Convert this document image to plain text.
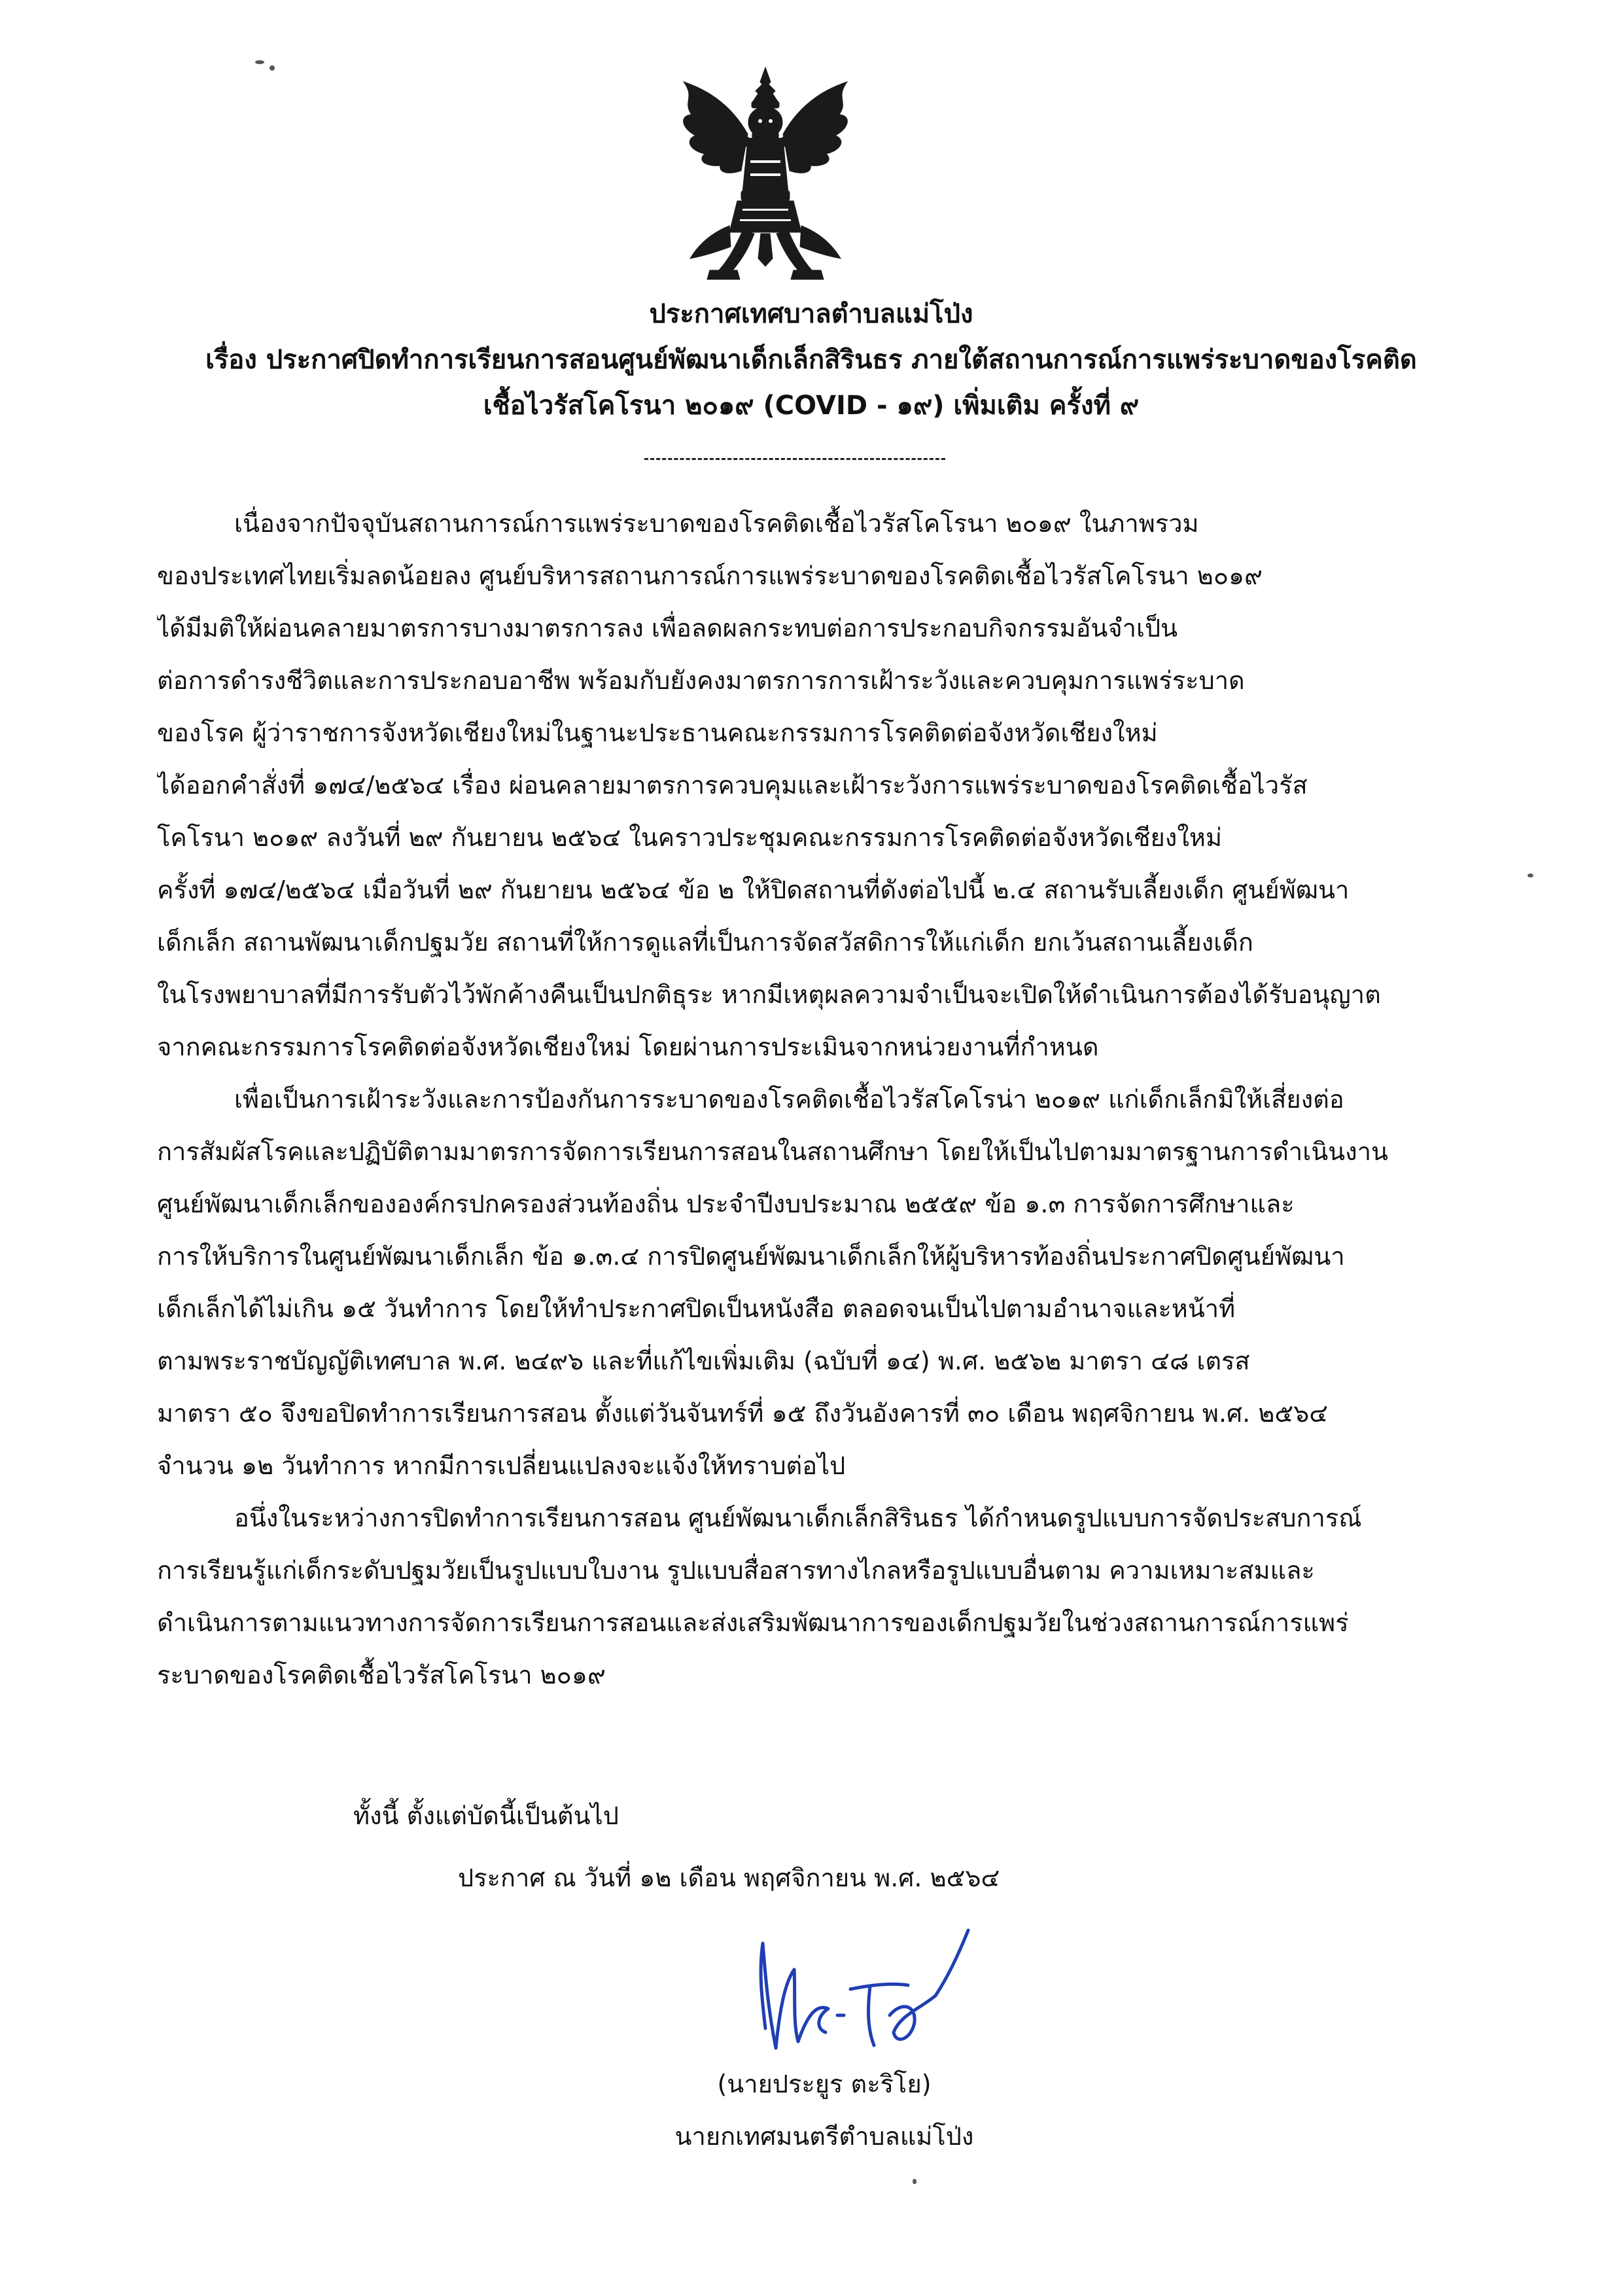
ประกาศเทศบาลตำบลแม่โป่ง
เรื่อง ประกาศปิดทำการเรียนการสอนศูนย์พัฒนาเด็กเล็กสิรินธร ภายใต้สถานการณ์การแพร่ระบาดของโรคติด
เชื้อไวรัสโคโรนา ๒๐๑๙ (COVID - ๑๙) เพิ่มเติม ครั้งที่ ๙
เนื่องจากปัจจุบันสถานการณ์การแพร่ระบาดของโรคติดเชื้อไวรัสโคโรนา ๒๐๑๙ ในภาพรวม
ของประเทศไทยเริ่มลดน้อยลง ศูนย์บริหารสถานการณ์การแพร่ระบาดของโรคติดเชื้อไวรัสโคโรนา ๒๐๑๙
ได้มีมติให้ผ่อนคลายมาตรการบางมาตรการลง เพื่อลดผลกระทบต่อการประกอบกิจกรรมอันจำเป็น
ต่อการดำรงชีวิตและการประกอบอาชีพ พร้อมกับยังคงมาตรการการเฝ้าระวังและควบคุมการแพร่ระบาด
ของโรค ผู้ว่าราชการจังหวัดเชียงใหม่ในฐานะประธานคณะกรรมการโรคติดต่อจังหวัดเชียงใหม่
ได้ออกคำสั่งที่ ๑๗๔/๒๕๖๔ เรื่อง ผ่อนคลายมาตรการควบคุมและเฝ้าระวังการแพร่ระบาดของโรคติดเชื้อไวรัส
โคโรนา ๒๐๑๙ ลงวันที่ ๒๙ กันยายน ๒๕๖๔ ในคราวประชุมคณะกรรมการโรคติดต่อจังหวัดเชียงใหม่
ครั้งที่ ๑๗๔/๒๕๖๔ เมื่อวันที่ ๒๙ กันยายน ๒๕๖๔ ข้อ ๒ ให้ปิดสถานที่ดังต่อไปนี้ ๒.๔ สถานรับเลี้ยงเด็ก ศูนย์พัฒนา
เด็กเล็ก สถานพัฒนาเด็กปฐมวัย สถานที่ให้การดูแลที่เป็นการจัดสวัสดิการให้แก่เด็ก ยกเว้นสถานเลี้ยงเด็ก
ในโรงพยาบาลที่มีการรับตัวไว้พักค้างคืนเป็นปกติธุระ หากมีเหตุผลความจำเป็นจะเปิดให้ดำเนินการต้องได้รับอนุญาต
จากคณะกรรมการโรคติดต่อจังหวัดเชียงใหม่ โดยผ่านการประเมินจากหน่วยงานที่กำหนด
เพื่อเป็นการเฝ้าระวังและการป้องกันการระบาดของโรคติดเชื้อไวรัสโคโรน่า ๒๐๑๙ แก่เด็กเล็กมิให้เสี่ยงต่อ
การสัมผัสโรคและปฏิบัติตามมาตรการจัดการเรียนการสอนในสถานศึกษา โดยให้เป็นไปตามมาตรฐานการดำเนินงาน
ศูนย์พัฒนาเด็กเล็กขององค์กรปกครองส่วนท้องถิ่น ประจำปีงบประมาณ ๒๕๕๙ ข้อ ๑.๓ การจัดการศึกษาและ
การให้บริการในศูนย์พัฒนาเด็กเล็ก ข้อ ๑.๓.๔ การปิดศูนย์พัฒนาเด็กเล็กให้ผู้บริหารท้องถิ่นประกาศปิดศูนย์พัฒนา
เด็กเล็กได้ไม่เกิน ๑๕ วันทำการ โดยให้ทำประกาศปิดเป็นหนังสือ ตลอดจนเป็นไปตามอำนาจและหน้าที่
ตามพระราชบัญญัติเทศบาล พ.ศ. ๒๔๙๖ และที่แก้ไขเพิ่มเติม (ฉบับที่ ๑๔) พ.ศ. ๒๕๖๒ มาตรา ๔๘ เตรส
มาตรา ๕๐ จึงขอปิดทำการเรียนการสอน ตั้งแต่วันจันทร์ที่ ๑๕ ถึงวันอังคารที่ ๓๐ เดือน พฤศจิกายน พ.ศ. ๒๕๖๔
จำนวน ๑๒ วันทำการ หากมีการเปลี่ยนแปลงจะแจ้งให้ทราบต่อไป
อนึ่งในระหว่างการปิดทำการเรียนการสอน ศูนย์พัฒนาเด็กเล็กสิรินธร ได้กำหนดรูปแบบการจัดประสบการณ์
การเรียนรู้แก่เด็กระดับปฐมวัยเป็นรูปแบบใบงาน รูปแบบสื่อสารทางไกลหรือรูปแบบอื่นตาม ความเหมาะสมและ
ดำเนินการตามแนวทางการจัดการเรียนการสอนและส่งเสริมพัฒนาการของเด็กปฐมวัยในช่วงสถานการณ์การแพร่
ระบาดของโรคติดเชื้อไวรัสโคโรนา ๒๐๑๙
ทั้งนี้ ตั้งแต่บัดนี้เป็นต้นไป
ประกาศ ณ วันที่ ๑๒ เดือน พฤศจิกายน พ.ศ. ๒๕๖๔
(นายประยูร ตะริโย)
นายกเทศมนตรีตำบลแม่โป่ง
